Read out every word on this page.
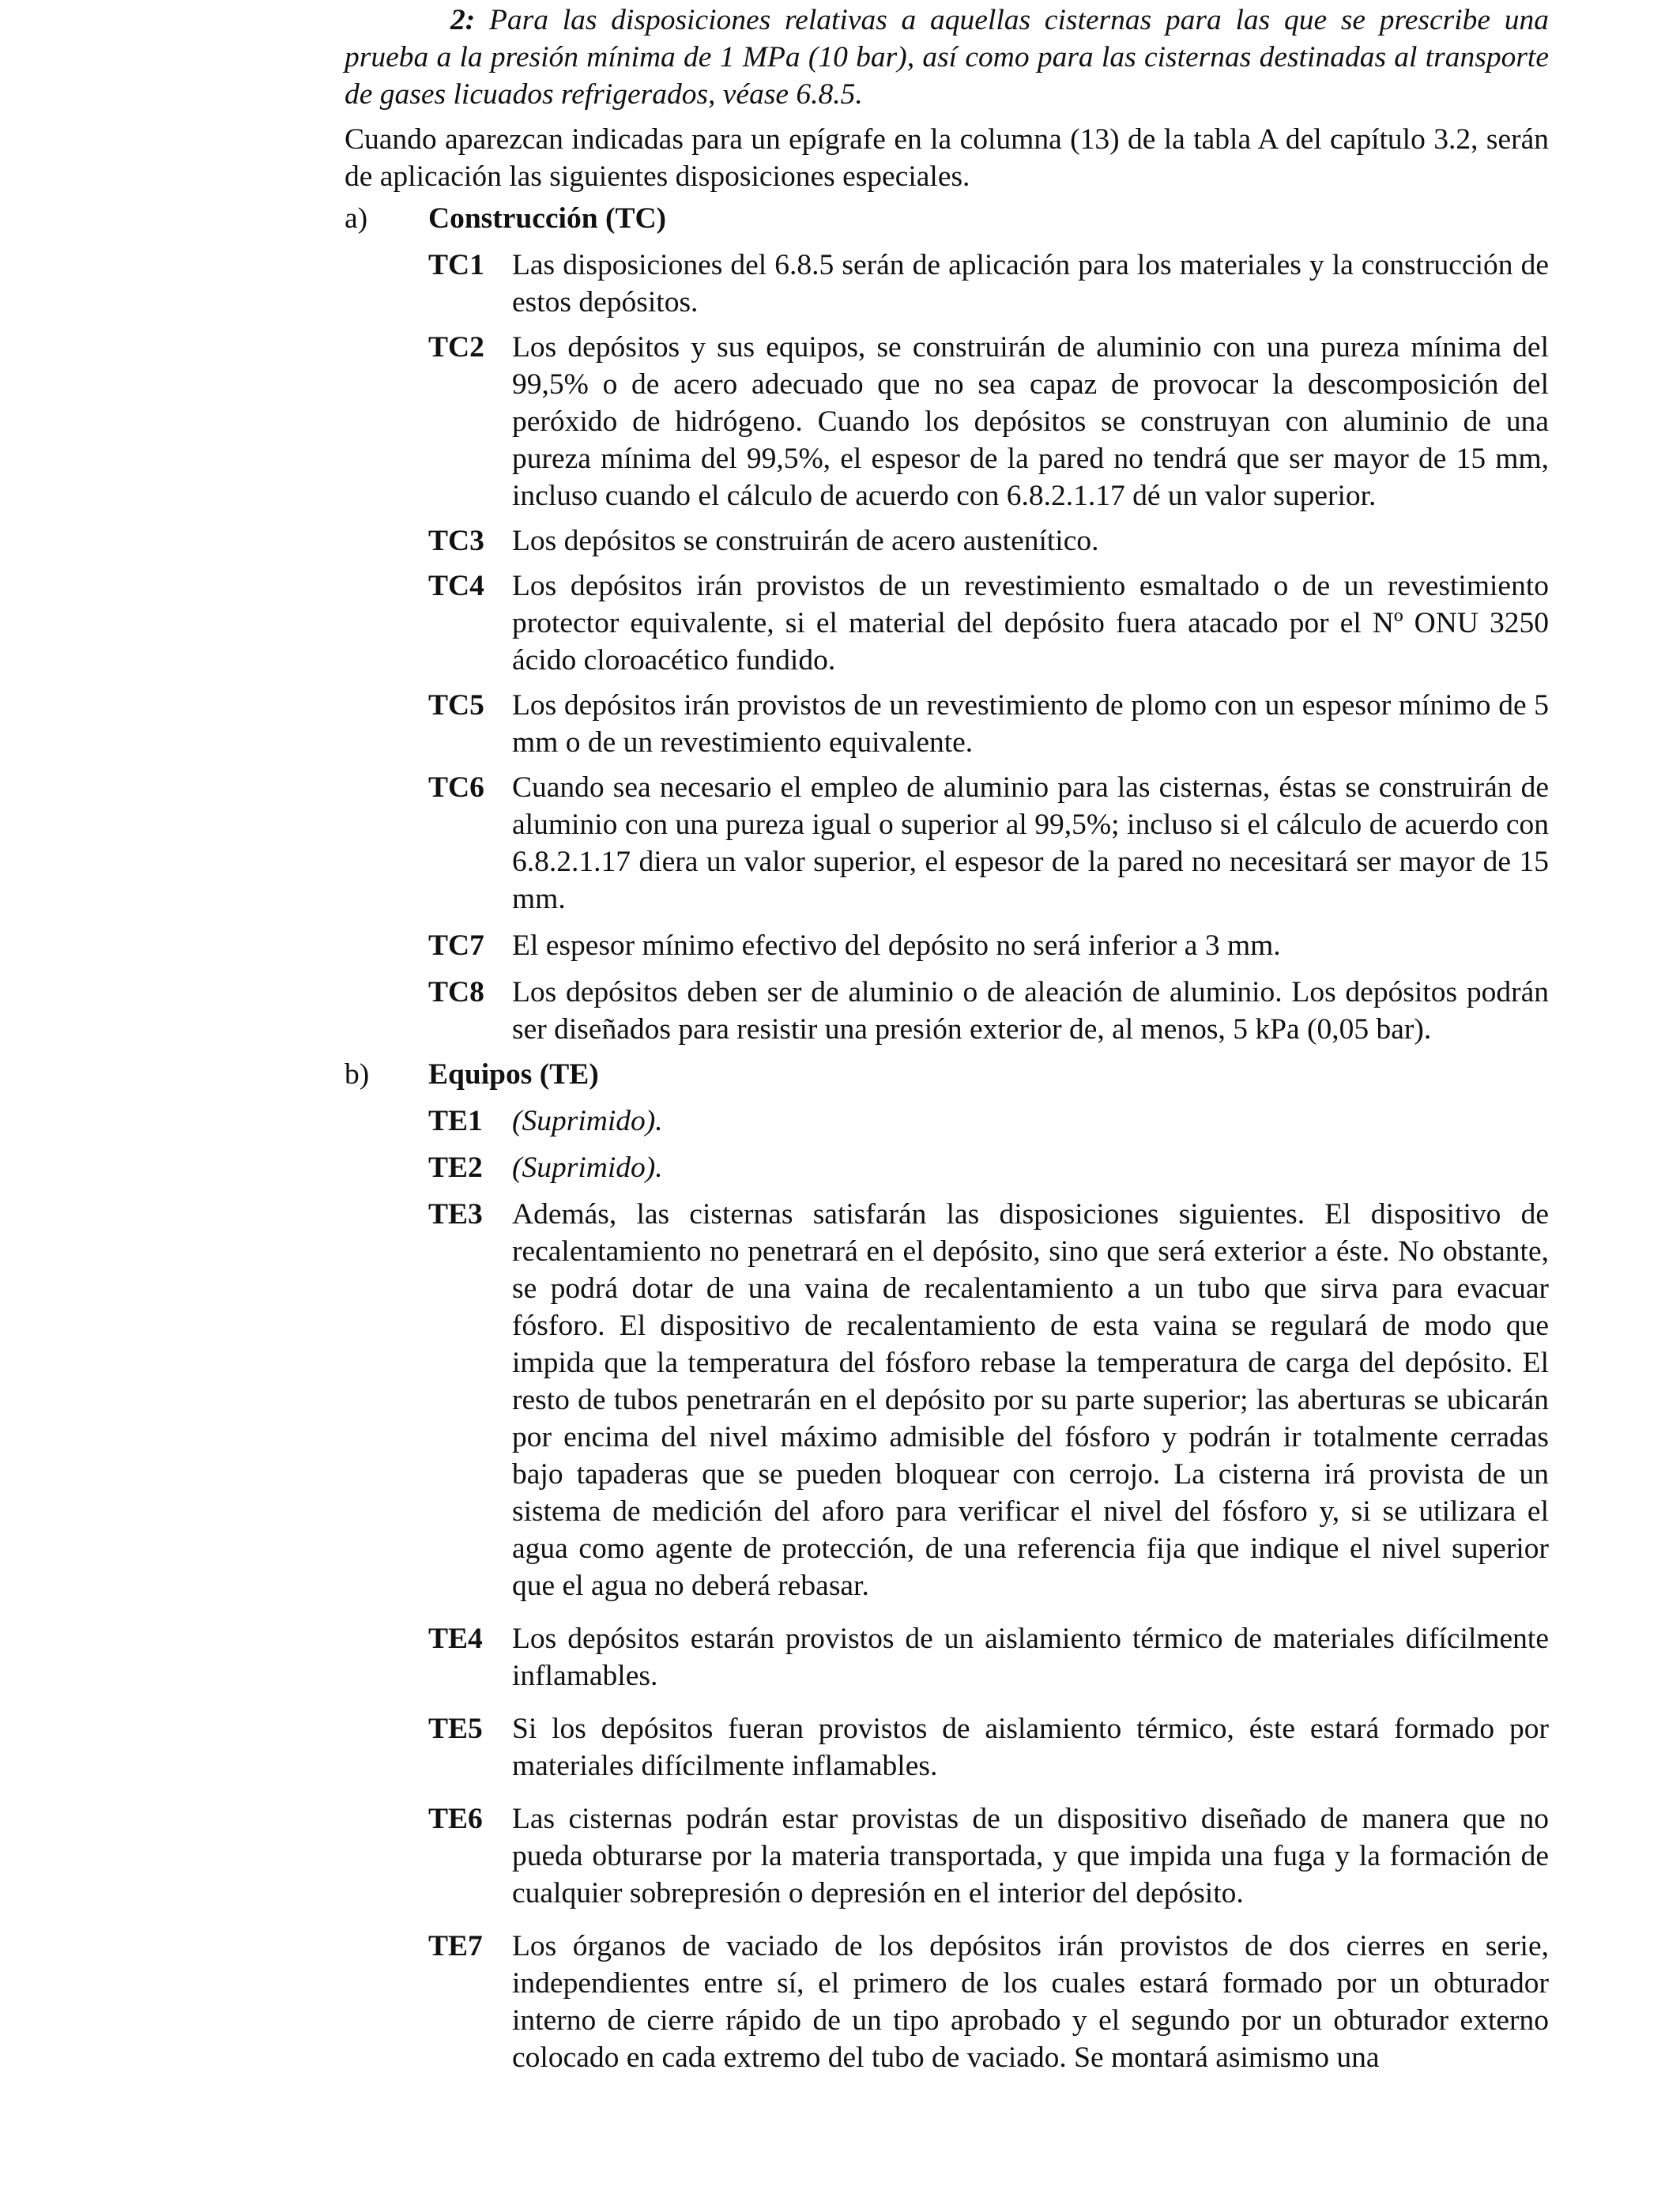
2: Para las disposiciones relativas a aquellas cisternas para las que se prescribe una prueba a la presión mínima de 1 MPa (10 bar), así como para las cisternas destinadas al transporte de gases licuados refrigerados, véase 6.8.5.

Cuando aparezcan indicadas para un epígrafe en la columna (13) de la tabla A del capítulo 3.2, serán de aplicación las siguientes disposiciones especiales.

a)	Construcción (TC)
TC1 Las disposiciones del 6.8.5 serán de aplicación para los materiales y la construcción de estos depósitos.
TC2 Los depósitos y sus equipos, se construirán de aluminio con una pureza mínima del 99,5% o de acero adecuado que no sea capaz de provocar la descomposición del peróxido de hidrógeno. Cuando los depósitos se construyan con aluminio de una pureza mínima del 99,5%, el espesor de la pared no tendrá que ser mayor de 15 mm, incluso cuando el cálculo de acuerdo con 6.8.2.1.17 dé un valor superior.
TC3 Los depósitos se construirán de acero austenítico.
TC4 Los depósitos irán provistos de un revestimiento esmaltado o de un revestimiento protector equivalente, si el material del depósito fuera atacado por el Nº ONU 3250 ácido cloroacético fundido.
TC5 Los depósitos irán provistos de un revestimiento de plomo con un espesor mínimo de 5 mm o de un revestimiento equivalente.
TC6 Cuando sea necesario el empleo de aluminio para las cisternas, éstas se construirán de aluminio con una pureza igual o superior al 99,5%; incluso si el cálculo de acuerdo con 6.8.2.1.17 diera un valor superior, el espesor de la pared no necesitará ser mayor de 15 mm.
TC7 El espesor mínimo efectivo del depósito no será inferior a 3 mm.
TC8 Los depósitos deben ser de aluminio o de aleación de aluminio. Los depósitos podrán ser diseñados para resistir una presión exterior de, al menos, 5 kPa (0,05 bar).
b)	Equipos (TE)
TE1 (Suprimido).
TE2 (Suprimido).
TE3 Además, las cisternas satisfarán las disposiciones siguientes. El dispositivo de recalentamiento no penetrará en el depósito, sino que será exterior a éste. No obstante, se podrá dotar de una vaina de recalentamiento a un tubo que sirva para evacuar fósforo. El dispositivo de recalentamiento de esta vaina se regulará de modo que impida que la temperatura del fósforo rebase la temperatura de carga del depósito. El resto de tubos penetrarán en el depósito por su parte superior; las aberturas se ubicarán por encima del nivel máximo admisible del fósforo y podrán ir totalmente cerradas bajo tapaderas que se pueden bloquear con cerrojo. La cisterna irá provista de un sistema de medición del aforo para verificar el nivel del fósforo y, si se utilizara el agua como agente de protección, de una referencia fija que indique el nivel superior que el agua no deberá rebasar.
TE4 Los depósitos estarán provistos de un aislamiento térmico de materiales difícilmente inflamables.
TE5 Si los depósitos fueran provistos de aislamiento térmico, éste estará formado por materiales difícilmente inflamables.
TE6 Las cisternas podrán estar provistas de un dispositivo diseñado de manera que no pueda obturarse por la materia transportada, y que impida una fuga y la formación de cualquier sobrepresión o depresión en el interior del depósito.
TE7 Los órganos de vaciado de los depósitos irán provistos de dos cierres en serie, independientes entre sí, el primero de los cuales estará formado por un obturador interno de cierre rápido de un tipo aprobado y el segundo por un obturador externo colocado en cada extremo del tubo de vaciado. Se montará asimismo una
